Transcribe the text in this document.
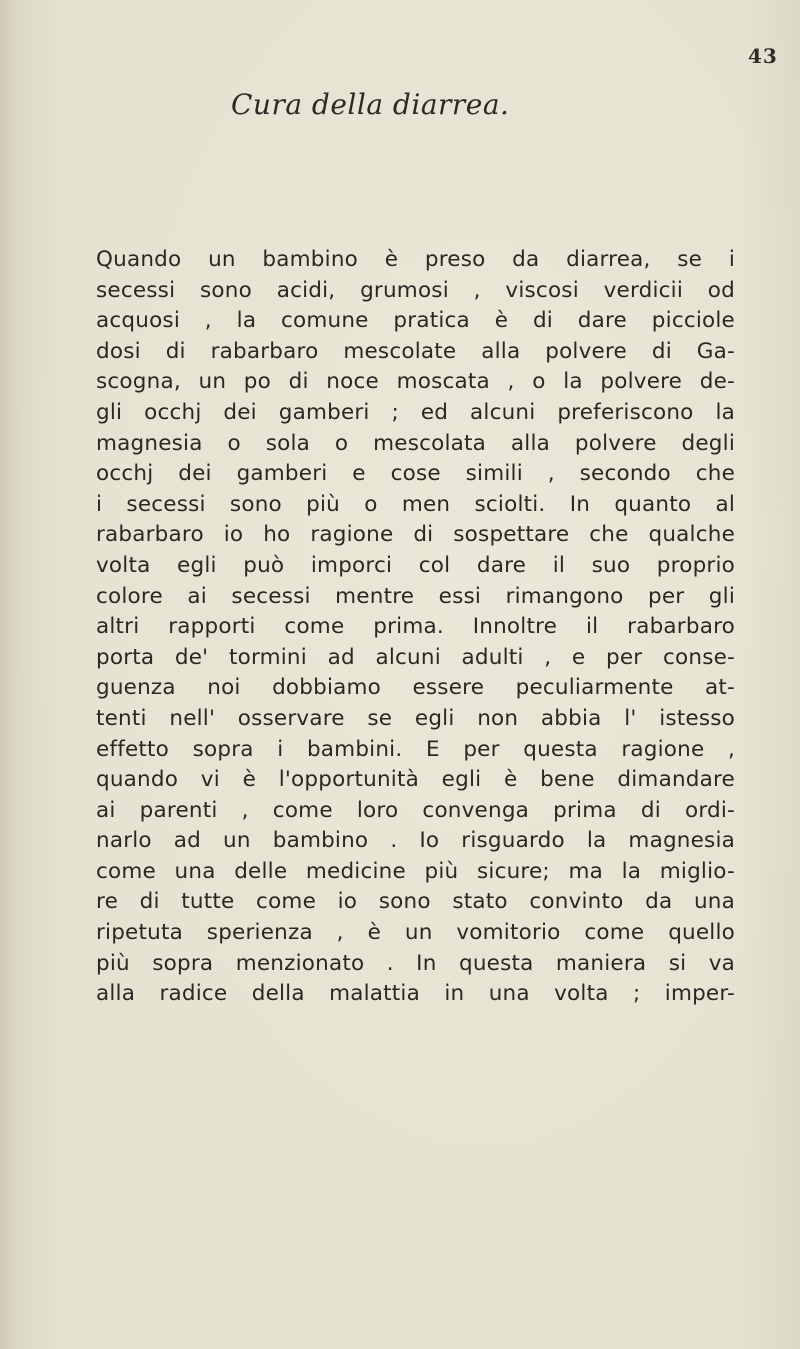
43
Cura della diarrea.
Quando un bambino è preso da diarrea, se i
secessi sono acidi, grumosi , viscosi verdicii od
acquosi , la comune pratica è di dare picciole
dosi di rabarbaro mescolate alla polvere di Ga-
scogna, un po di noce moscata , o la polvere de-
gli occhj dei gamberi ; ed alcuni preferiscono la
magnesia o sola o mescolata alla polvere degli
occhj dei gamberi e cose simili , secondo che
i secessi sono più o men sciolti. In quanto al
rabarbaro io ho ragione di sospettare che qualche
volta egli può imporci col dare il suo proprio
colore ai secessi mentre essi rimangono per gli
altri rapporti come prima. Innoltre il rabarbaro
porta de' tormini ad alcuni adulti , e per conse-
guenza noi dobbiamo essere peculiarmente at-
tenti nell' osservare se egli non abbia l' istesso
effetto sopra i bambini. E per questa ragione ,
quando vi è l'opportunità egli è bene dimandare
ai parenti , come loro convenga prima di ordi-
narlo ad un bambino . Io risguardo la magnesia
come una delle medicine più sicure; ma la miglio-
re di tutte come io sono stato convinto da una
ripetuta sperienza , è un vomitorio come quello
più sopra menzionato . In questa maniera si va
alla radice della malattia in una volta ; imper-
